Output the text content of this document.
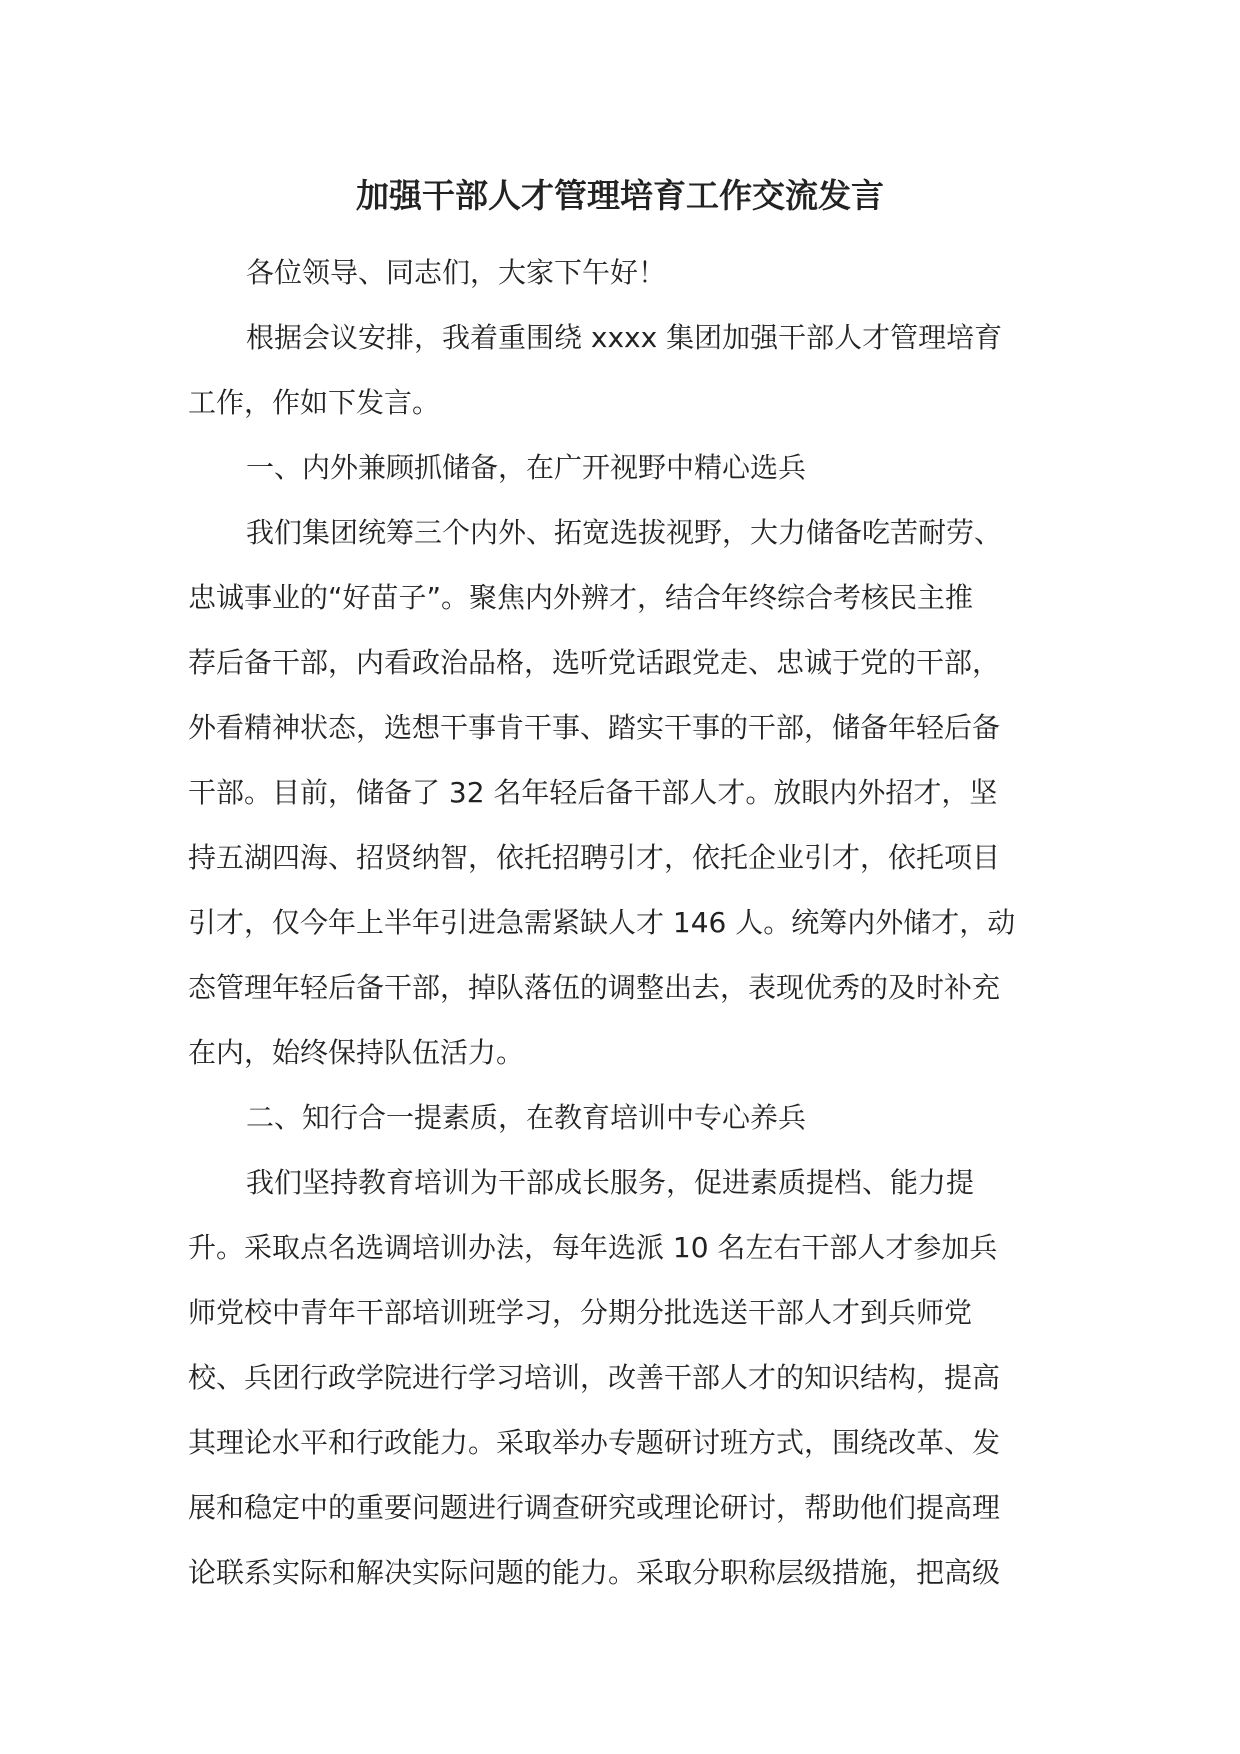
加强干部人才管理培育工作交流发言
各位领导、同志们，大家下午好！
根据会议安排，我着重围绕 xxxx 集团加强干部人才管理培育
工作，作如下发言。
一、内外兼顾抓储备，在广开视野中精心选兵
我们集团统筹三个内外、拓宽选拔视野，大力储备吃苦耐劳、
忠诚事业的“好苗子”。聚焦内外辨才，结合年终综合考核民主推
荐后备干部，内看政治品格，选听党话跟党走、忠诚于党的干部，
外看精神状态，选想干事肯干事、踏实干事的干部，储备年轻后备
干部。目前，储备了 32 名年轻后备干部人才。放眼内外招才，坚
持五湖四海、招贤纳智，依托招聘引才，依托企业引才，依托项目
引才，仅今年上半年引进急需紧缺人才 146 人。统筹内外储才，动
态管理年轻后备干部，掉队落伍的调整出去，表现优秀的及时补充
在内，始终保持队伍活力。
二、知行合一提素质，在教育培训中专心养兵
我们坚持教育培训为干部成长服务，促进素质提档、能力提
升。采取点名选调培训办法，每年选派 10 名左右干部人才参加兵
师党校中青年干部培训班学习，分期分批选送干部人才到兵师党
校、兵团行政学院进行学习培训，改善干部人才的知识结构，提高
其理论水平和行政能力。采取举办专题研讨班方式，围绕改革、发
展和稳定中的重要问题进行调查研究或理论研讨，帮助他们提高理
论联系实际和解决实际问题的能力。采取分职称层级措施，把高级
